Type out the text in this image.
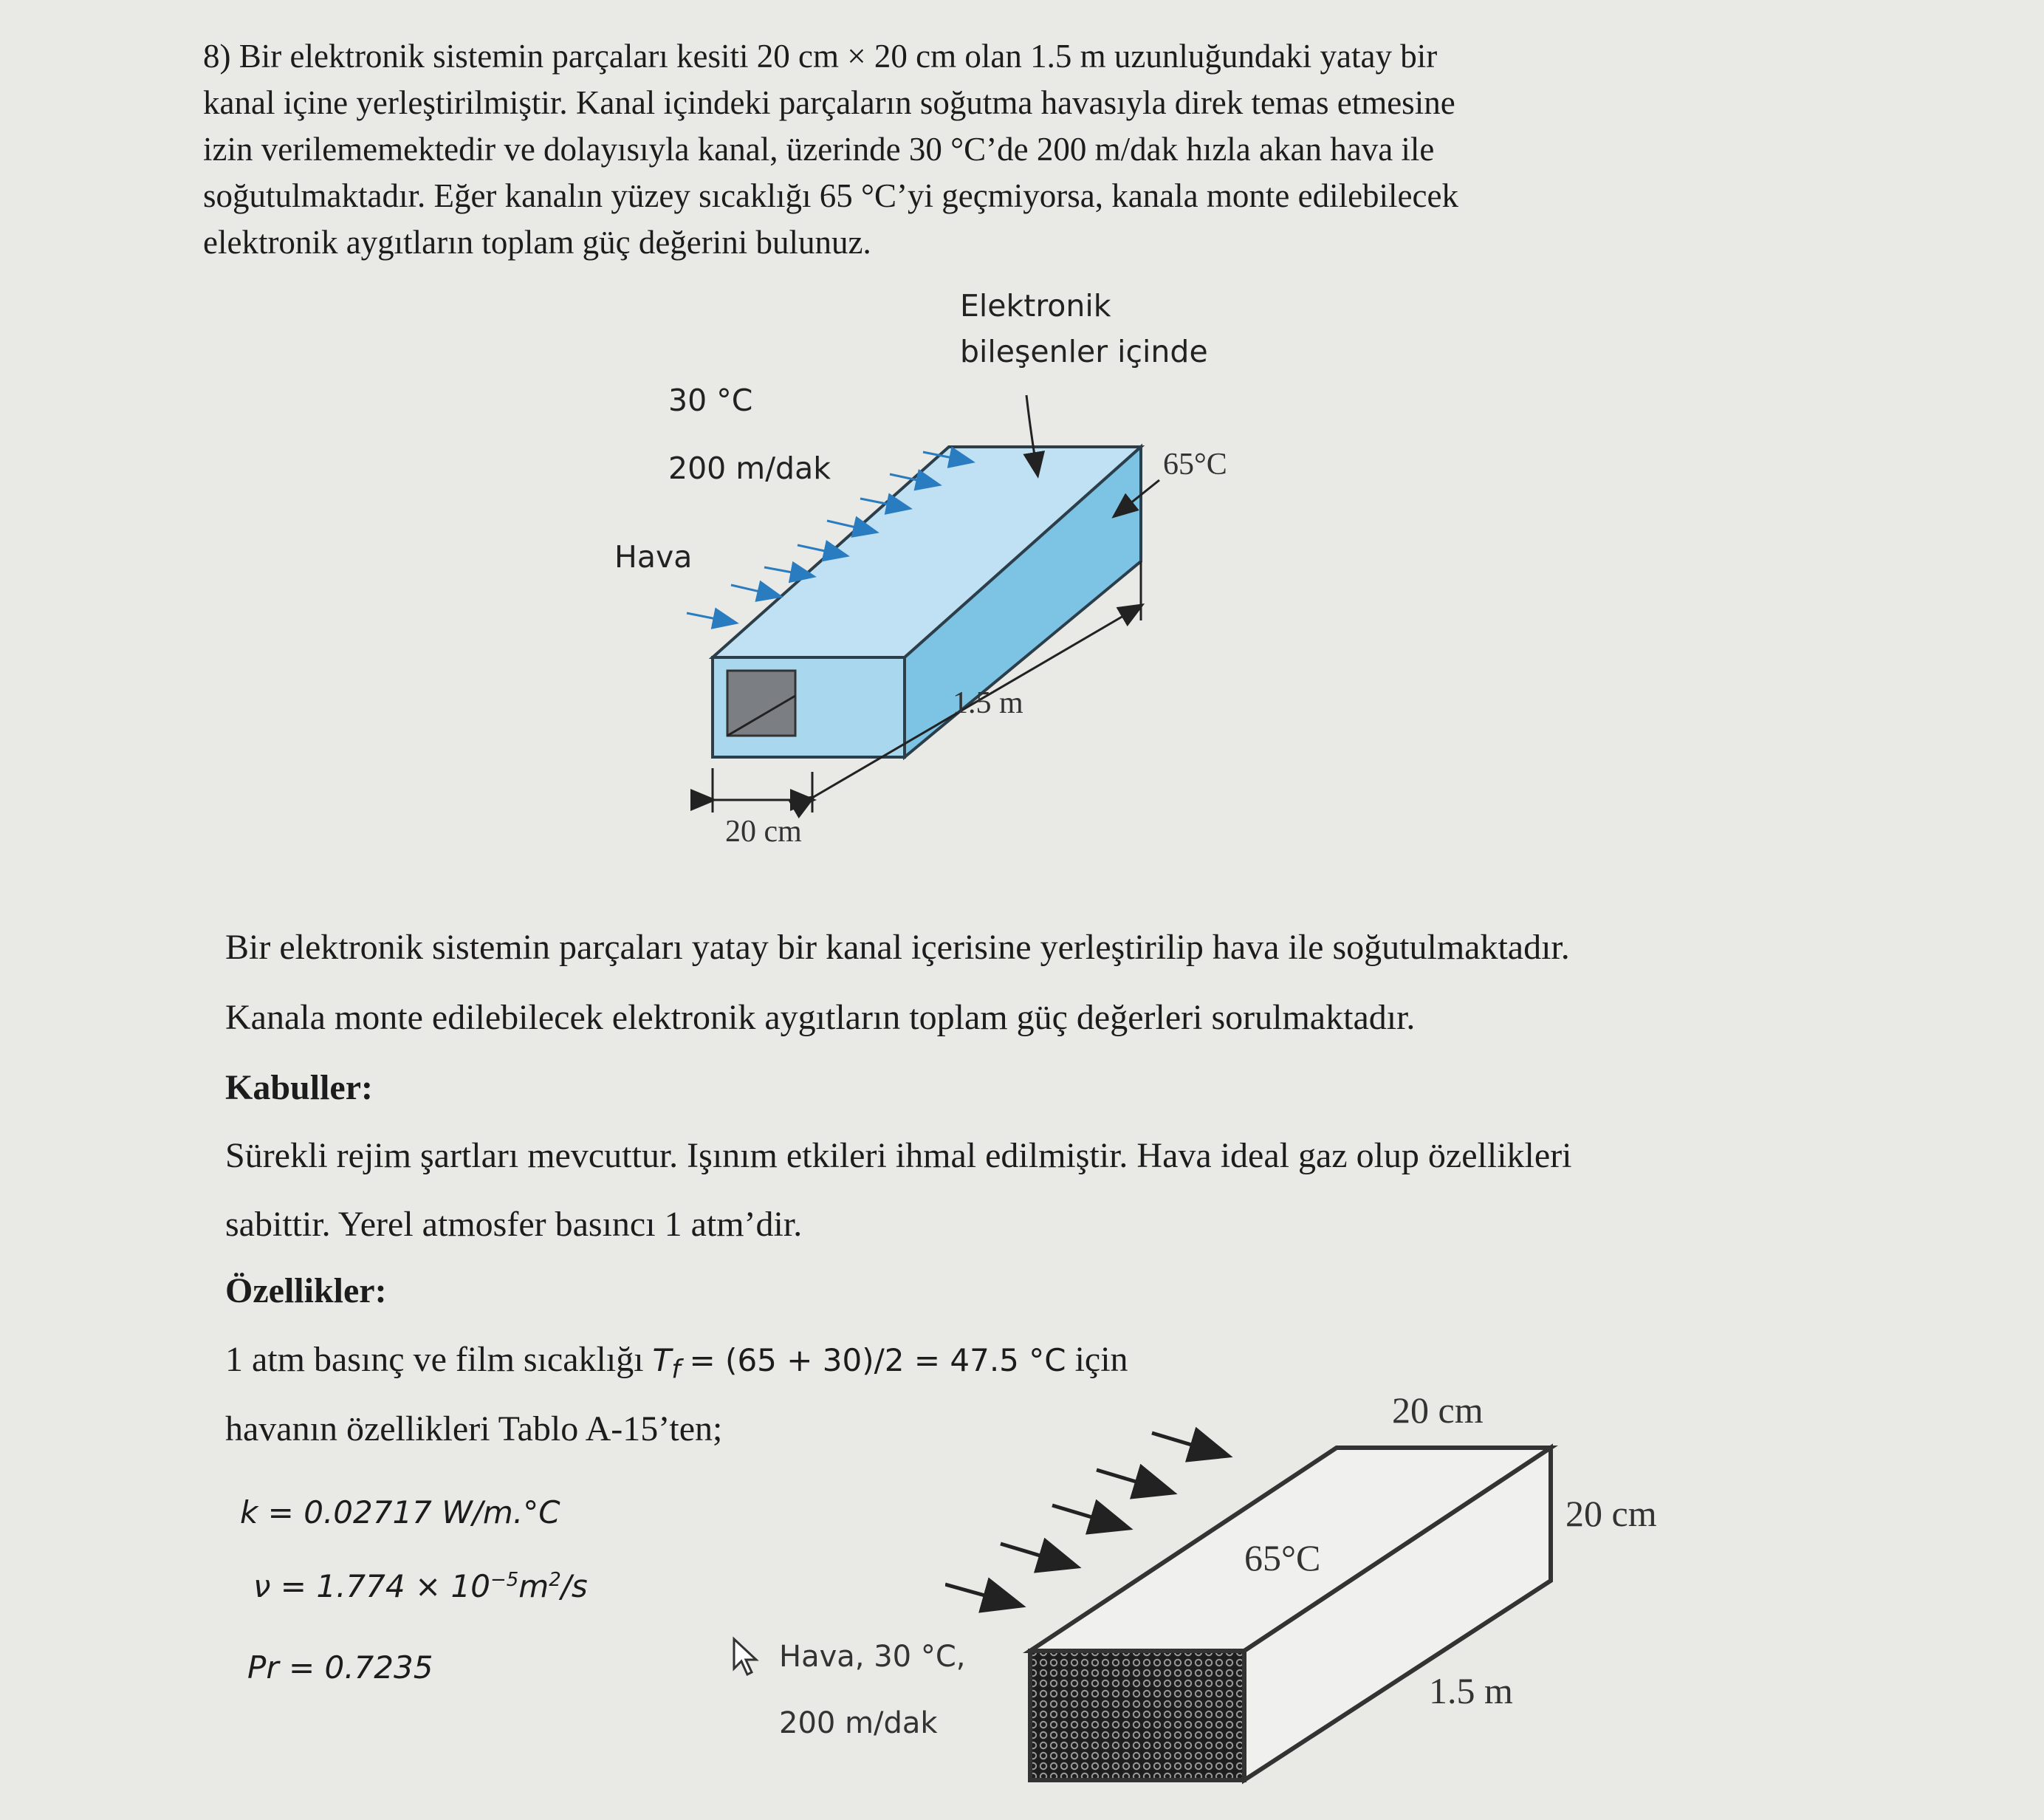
8) Bir elektronik sistemin parçaları kesiti 20 cm × 20 cm olan 1.5 m uzunluğundaki yatay bir

kanal içine yerleştirilmiştir. Kanal içindeki parçaların soğutma havasıyla direk temas etmesine

izin verilememektedir ve dolayısıyla kanal, üzerinde 30 °C’de 200 m/dak hızla akan hava ile

soğutulmaktadır. Eğer kanalın yüzey sıcaklığı 65 °C’yi geçmiyorsa, kanala monte edilebilecek

elektronik aygıtların toplam güç değerini bulunuz.

Elektronik
bileşenler içinde
30 °C
200 m/dak
Hava
65°C
1.5 m
20 cm
Bir elektronik sistemin parçaları yatay bir kanal içerisine yerleştirilip hava ile soğutulmaktadır.
Kanala monte edilebilecek elektronik aygıtların toplam güç değerleri sorulmaktadır.
Kabuller:
Sürekli rejim şartları mevcuttur. Işınım etkileri ihmal edilmiştir. Hava ideal gaz olup özellikleri
sabittir. Yerel atmosfer basıncı 1 atm’dir.
Özellikler:
1 atm basınç ve film sıcaklığı $T_f = (65 + 30)/2 = 47.5$ °C için
havanın özellikleri Tablo A-15’ten;
k = 0.02717 W/m.°C
$\nu = 1.774 \times 10^{-5}m^2/s$
Pr = 0.7235
20 cm
20 cm
65°C
1.5 m
Hava, 30 °C,
200 m/dak
